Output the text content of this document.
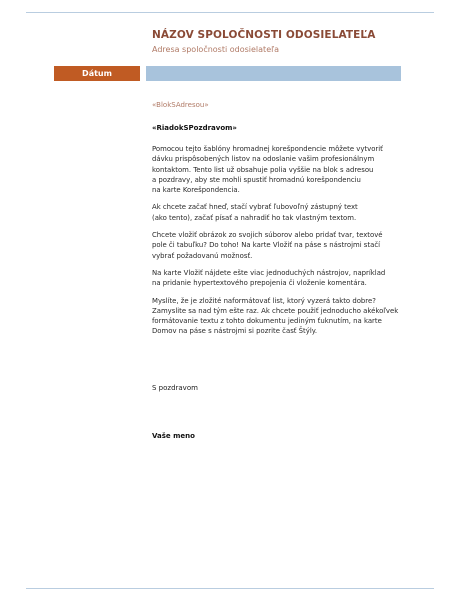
NÁZOV SPOLOČNOSTI ODOSIELATEĽA
Adresa spoločnosti odosielateľa
Dátum

«BlokSAdresou»

«RiadokSPozdravom»

Pomocou tejto šablóny hromadnej korešpondencie môžete vytvoriť
dávku prispôsobených listov na odoslanie vašim profesionálnym
kontaktom. Tento list už obsahuje polia vyššie na blok s adresou
a pozdravy, aby ste mohli spustiť hromadnú korešpondenciu
na karte Korešpondencia.

Ak chcete začať hneď, stačí vybrať ľubovoľný zástupný text
(ako tento), začať písať a nahradiť ho tak vlastným textom.

Chcete vložiť obrázok zo svojich súborov alebo pridať tvar, textové
pole či tabuľku? Do toho! Na karte Vložiť na páse s nástrojmi stačí
vybrať požadovanú možnosť.

Na karte Vložiť nájdete ešte viac jednoduchých nástrojov, napríklad
na pridanie hypertextového prepojenia či vloženie komentára.

Myslíte, že je zložité naformátovať list, ktorý vyzerá takto dobre?
Zamyslite sa nad tým ešte raz. Ak chcete použiť jednoducho akékoľvek
formátovanie textu z tohto dokumentu jediným ťuknutím, na karte
Domov na páse s nástrojmi si pozrite časť Štýly.

S pozdravom
Vaše meno
